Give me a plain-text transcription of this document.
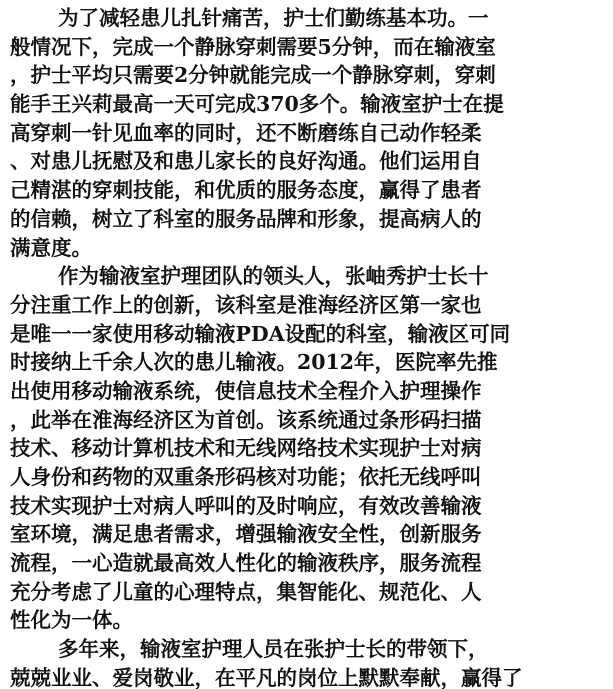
为了减轻患儿扎针痛苦，护士们勤练基本功。一
般情况下，完成一个静脉穿刺需要5分钟，而在输液室
，护士平均只需要2分钟就能完成一个静脉穿刺，穿刺
能手王兴莉最高一天可完成370多个。输液室护士在提
高穿刺一针见血率的同时，还不断磨练自己动作轻柔
、对患儿抚慰及和患儿家长的良好沟通。他们运用自
己精湛的穿刺技能，和优质的服务态度，赢得了患者
的信赖，树立了科室的服务品牌和形象，提高病人的
满意度。
作为输液室护理团队的领头人，张岫秀护士长十
分注重工作上的创新，该科室是淮海经济区第一家也
是唯一一家使用移动输液PDA设配的科室，输液区可同
时接纳上千余人次的患儿输液。2012年，医院率先推
出使用移动输液系统，使信息技术全程介入护理操作
，此举在淮海经济区为首创。该系统通过条形码扫描
技术、移动计算机技术和无线网络技术实现护士对病
人身份和药物的双重条形码核对功能；依托无线呼叫
技术实现护士对病人呼叫的及时响应，有效改善输液
室环境，满足患者需求，增强输液安全性，创新服务
流程，一心造就最高效人性化的输液秩序，服务流程
充分考虑了儿童的心理特点，集智能化、规范化、人
性化为一体。
多年来，输液室护理人员在张护士长的带领下，
兢兢业业、爱岗敬业，在平凡的岗位上默默奉献，赢得了
